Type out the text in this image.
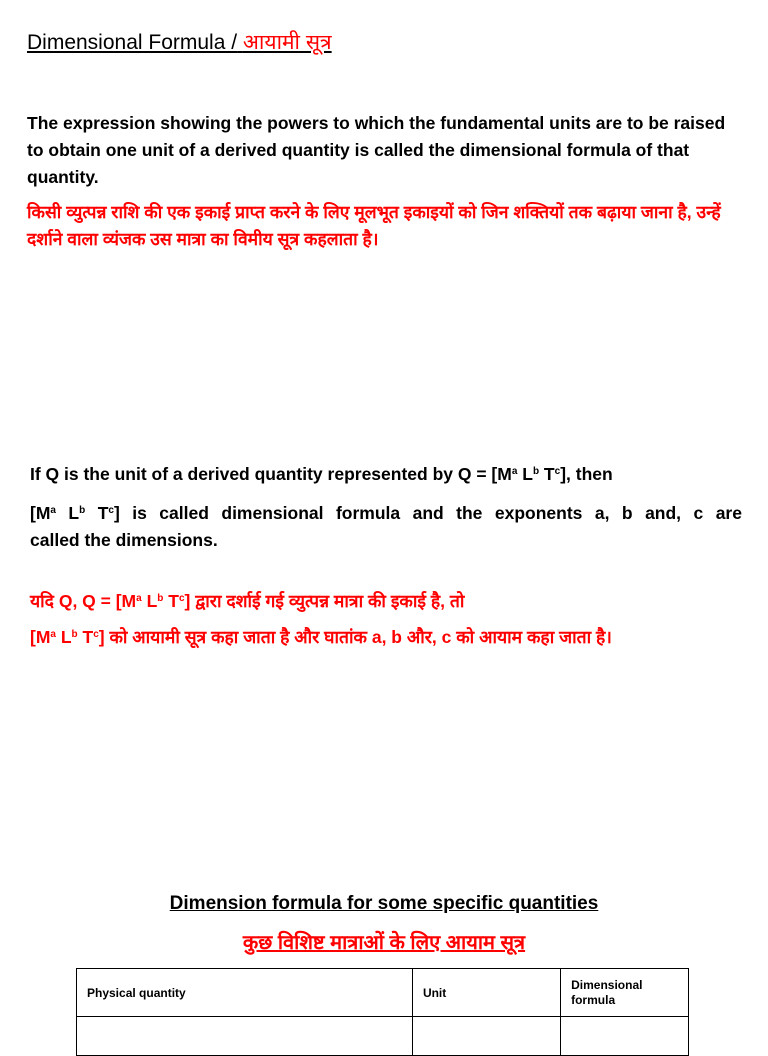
Dimensional Formula / आयामी सूत्र
The expression showing the powers to which the fundamental units are to be raised to obtain one unit of a derived quantity is called the dimensional formula of that quantity.
किसी व्युत्पन्न राशि की एक इकाई प्राप्त करने के लिए मूलभूत इकाइयों को जिन शक्तियों तक बढ़ाया जाना है, उन्हें दर्शाने वाला व्यंजक उस मात्रा का विमीय सूत्र कहलाता है।
If Q is the unit of a derived quantity represented by $Q = [M^a$ $L^b$ $T^c$], then
[$M^a$ $L^b$ $T^c$] is called dimensional formula and the exponents a, b and, c are
called the dimensions.
यदि Q, $Q = [M^a$ $L^b$ $T^c$] द्वारा दर्शाई गई व्युत्पन्न मात्रा की इकाई है, तो
[$M^a$ $L^b$ $T^c$] को आयामी सूत्र कहा जाता है और घातांक a, b और, c को आयाम कहा जाता है।
Dimension formula for some specific quantities
कुछ विशिष्ट मात्राओं के लिए आयाम सूत्र
Physical quantity	Unit	Dimensional formula
